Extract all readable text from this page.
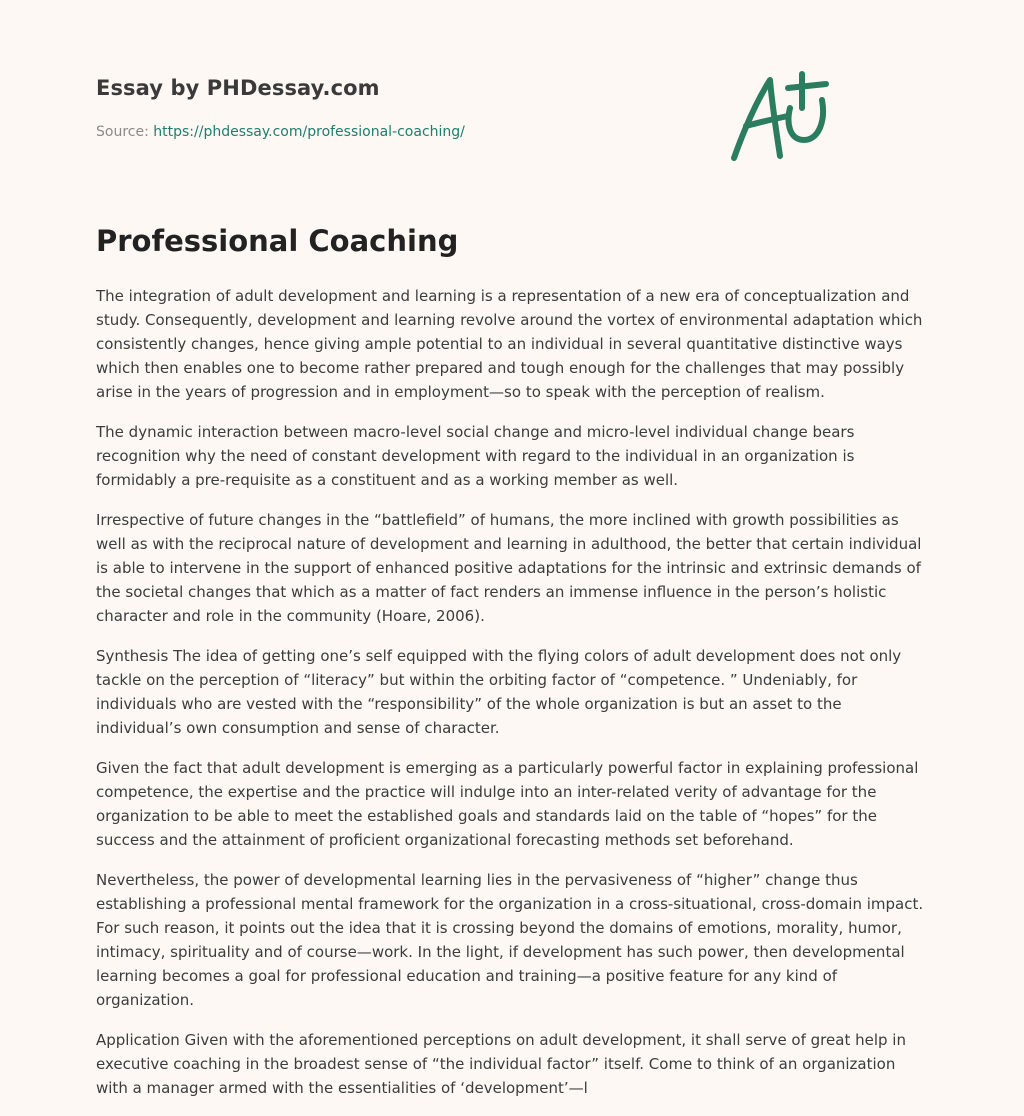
Essay by PHDessay.com
Source: https://phdessay.com/professional-coaching/
Professional Coaching

The integration of adult development and learning is a representation of a new era of conceptualization and study. Consequently, development and learning revolve around the vortex of environmental adaptation which consistently changes, hence giving ample potential to an individual in several quantitative distinctive ways which then enables one to become rather prepared and tough enough for the challenges that may possibly arise in the years of progression and in employment—so to speak with the perception of realism.

The dynamic interaction between macro-level social change and micro-level individual change bears recognition why the need of constant development with regard to the individual in an organization is formidably a pre-requisite as a constituent and as a working member as well.

Irrespective of future changes in the “battlefield” of humans, the more inclined with growth possibilities as well as with the reciprocal nature of development and learning in adulthood, the better that certain individual is able to intervene in the support of enhanced positive adaptations for the intrinsic and extrinsic demands of the societal changes that which as a matter of fact renders an immense influence in the person’s holistic character and role in the community (Hoare, 2006).

Synthesis The idea of getting one’s self equipped with the flying colors of adult development does not only tackle on the perception of “literacy” but within the orbiting factor of “competence. ” Undeniably, for individuals who are vested with the “responsibility” of the whole organization is but an asset to the individual’s own consumption and sense of character.

Given the fact that adult development is emerging as a particularly powerful factor in explaining professional competence, the expertise and the practice will indulge into an inter-related verity of advantage for the organization to be able to meet the established goals and standards laid on the table of “hopes” for the success and the attainment of proficient organizational forecasting methods set beforehand.

Nevertheless, the power of developmental learning lies in the pervasiveness of “higher” change thus establishing a professional mental framework for the organization in a cross-situational, cross-domain impact. For such reason, it points out the idea that it is crossing beyond the domains of emotions, morality, humor, intimacy, spirituality and of course—work. In the light, if development has such power, then developmental learning becomes a goal for professional education and training—a positive feature for any kind of organization.

Application Given with the aforementioned perceptions on adult development, it shall serve of great help in executive coaching in the broadest sense of “the individual factor” itself. Come to think of an organization with a manager armed with the essentialities of ‘development’—l
